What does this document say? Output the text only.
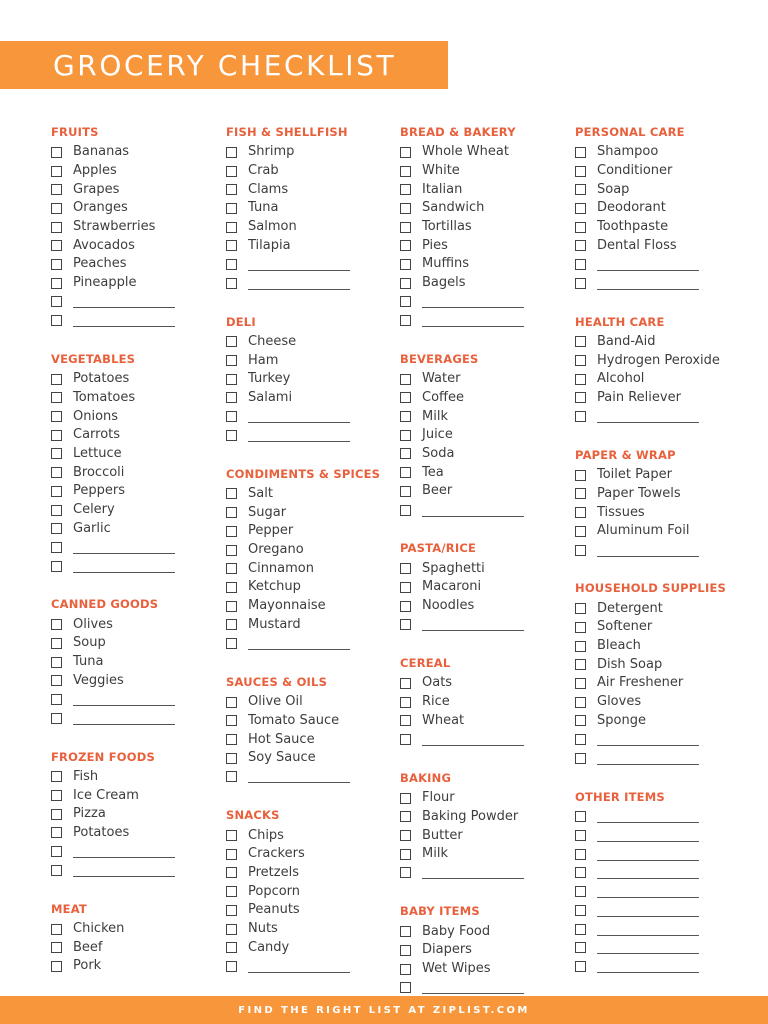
GROCERY CHECKLIST
FRUITS
Bananas
Apples
Grapes
Oranges
Strawberries
Avocados
Peaches
Pineapple
VEGETABLES
Potatoes
Tomatoes
Onions
Carrots
Lettuce
Broccoli
Peppers
Celery
Garlic
CANNED GOODS
Olives
Soup
Tuna
Veggies
FROZEN FOODS
Fish
Ice Cream
Pizza
Potatoes
MEAT
Chicken
Beef
Pork
FISH & SHELLFISH
Shrimp
Crab
Clams
Tuna
Salmon
Tilapia
DELI
Cheese
Ham
Turkey
Salami
CONDIMENTS & SPICES
Salt
Sugar
Pepper
Oregano
Cinnamon
Ketchup
Mayonnaise
Mustard
SAUCES & OILS
Olive Oil
Tomato Sauce
Hot Sauce
Soy Sauce
SNACKS
Chips
Crackers
Pretzels
Popcorn
Peanuts
Nuts
Candy
BREAD & BAKERY
Whole Wheat
White
Italian
Sandwich
Tortillas
Pies
Muffins
Bagels
BEVERAGES
Water
Coffee
Milk
Juice
Soda
Tea
Beer
PASTA/RICE
Spaghetti
Macaroni
Noodles
CEREAL
Oats
Rice
Wheat
BAKING
Flour
Baking Powder
Butter
Milk
BABY ITEMS
Baby Food
Diapers
Wet Wipes
PERSONAL CARE
Shampoo
Conditioner
Soap
Deodorant
Toothpaste
Dental Floss
HEALTH CARE
Band-Aid
Hydrogen Peroxide
Alcohol
Pain Reliever
PAPER & WRAP
Toilet Paper
Paper Towels
Tissues
Aluminum Foil
HOUSEHOLD SUPPLIES
Detergent
Softener
Bleach
Dish Soap
Air Freshener
Gloves
Sponge
OTHER ITEMS
FIND THE RIGHT LIST AT ZIPLIST.COM
